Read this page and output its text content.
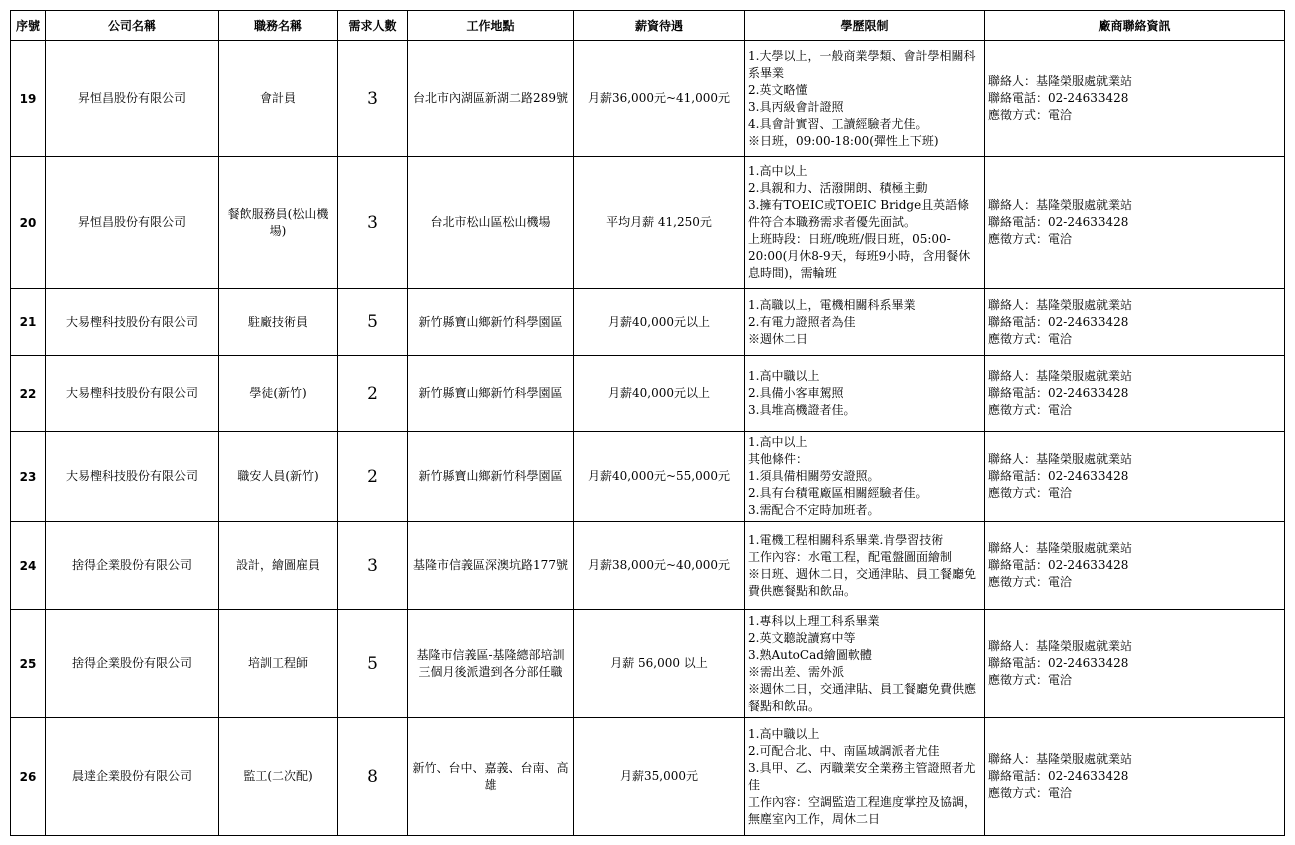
序號	公司名稱	職務名稱	需求人數	工作地點	薪資待遇	學歷限制	廠商聯絡資訊
19	昇恒昌股份有限公司	會計員	3	台北市內湖區新湖二路289號	月薪36,000元~41,000元	1.大學以上，一般商業學類、會計學相關科系畢業
2.英文略懂
3.具丙級會計證照
4.具會計實習、工讀經驗者尤佳。
※日班，09:00-18:00(彈性上下班)	聯絡人：基隆榮服處就業站
聯絡電話：02-24633428
應徵方式：電洽

20	昇恒昌股份有限公司	餐飲服務員(松山機場)	3	台北市松山區松山機場	平均月薪 41,250元	1.高中以上
2.具親和力、活潑開朗、積極主動
3.擁有TOEIC或TOEIC Bridge且英語條件符合本職務需求者優先面試。
上班時段：日班/晚班/假日班，05:00-20:00(月休8-9天，每班9小時，含用餐休息時間)，需輪班	聯絡人：基隆榮服處就業站
聯絡電話：02-24633428
應徵方式：電洽

21	大易檉科技股份有限公司	駐廠技術員	5	新竹縣寶山鄉新竹科學園區	月薪40,000元以上	1.高職以上，電機相關科系畢業
2.有電力證照者為佳
※週休二日	聯絡人：基隆榮服處就業站
聯絡電話：02-24633428
應徵方式：電洽

22	大易檉科技股份有限公司	學徒(新竹)	2	新竹縣寶山鄉新竹科學園區	月薪40,000元以上	1.高中職以上
2.具備小客車駕照
3.具堆高機證者佳。	聯絡人：基隆榮服處就業站
聯絡電話：02-24633428
應徵方式：電洽

23	大易檉科技股份有限公司	職安人員(新竹)	2	新竹縣寶山鄉新竹科學園區	月薪40,000元~55,000元	1.高中以上
其他條件：
1.須具備相關勞安證照。
2.具有台積電廠區相關經驗者佳。
3.需配合不定時加班者。	聯絡人：基隆榮服處就業站
聯絡電話：02-24633428
應徵方式：電洽

24	捨得企業股份有限公司	設計，繪圖雇員	3	基隆市信義區深澳坑路177號	月薪38,000元~40,000元	1.電機工程相關科系畢業.肯學習技術
工作內容：水電工程，配電盤圖面繪制
※日班、週休二日，交通津貼、員工餐廳免費供應餐點和飲品。	聯絡人：基隆榮服處就業站
聯絡電話：02-24633428
應徵方式：電洽

25	捨得企業股份有限公司	培訓工程師	5	基隆市信義區-基隆總部培訓三個月後派遣到各分部任職	月薪 56,000 以上	1.專科以上理工科系畢業
2.英文聽說讀寫中等
3.熟AutoCad繪圖軟體
※需出差、需外派
※週休二日，交通津貼、員工餐廳免費供應餐點和飲品。	聯絡人：基隆榮服處就業站
聯絡電話：02-24633428
應徵方式：電洽

26	晨達企業股份有限公司	監工(二次配)	8	新竹、台中、嘉義、台南、高雄	月薪35,000元	1.高中職以上
2.可配合北、中、南區域調派者尤佳
3.具甲、乙、丙職業安全業務主管證照者尤佳
工作內容：空調監造工程進度掌控及協調，無塵室內工作，周休二日	聯絡人：基隆榮服處就業站
聯絡電話：02-24633428
應徵方式：電洽
